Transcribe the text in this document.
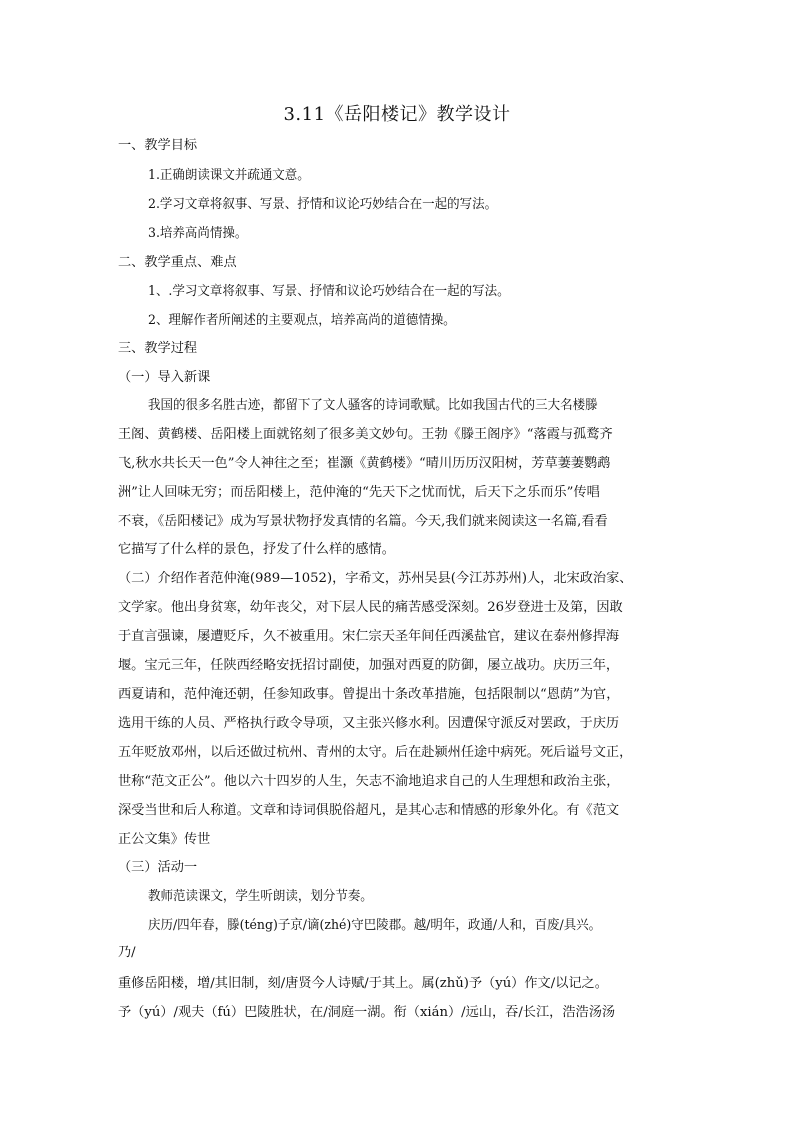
3.11《岳阳楼记》教学设计
一、教学目标
1.正确朗读课文并疏通文意。
2.学习文章将叙事、写景、抒情和议论巧妙结合在一起的写法。
3.培养高尚情操。
二、教学重点、难点
1、.学习文章将叙事、写景、抒情和议论巧妙结合在一起的写法。
2、理解作者所阐述的主要观点，培养高尚的道德情操。
三、教学过程
（一）导入新课
我国的很多名胜古迹，都留下了文人骚客的诗词歌赋。比如我国古代的三大名楼滕
王阁、黄鹤楼、岳阳楼上面就铭刻了很多美文妙句。王勃《滕王阁序》“落霞与孤鹜齐
飞,秋水共长天一色”令人神往之至；崔灏《黄鹤楼》“晴川历历汉阳树，芳草萋萋鹦鹉
洲”让人回味无穷；而岳阳楼上，范仲淹的“先天下之忧而忧，后天下之乐而乐”传唱
不衰，《岳阳楼记》成为写景状物抒发真情的名篇。今天,我们就来阅读这一名篇,看看
它描写了什么样的景色，抒发了什么样的感情。
（二）介绍作者范仲淹(989—1052)，字希文，苏州吴县(今江苏苏州)人，北宋政治家、
文学家。他出身贫寒，幼年丧父，对下层人民的痛苦感受深刻。26岁登进士及第，因敢
于直言强谏，屡遭贬斥，久不被重用。宋仁宗天圣年间任西溪盐官，建议在泰州修捍海
堰。宝元三年，任陕西经略安抚招讨副使，加强对西夏的防御，屡立战功。庆历三年，
西夏请和，范仲淹还朝，任参知政事。曾提出十条改革措施，包括限制以“恩荫”为官，
选用干练的人员、严格执行政令导项，又主张兴修水利。因遭保守派反对罢政，于庆历
五年贬放邓州，以后还做过杭州、青州的太守。后在赴颍州任途中病死。死后谥号文正，
世称“范文正公”。他以六十四岁的人生，矢志不渝地追求自己的人生理想和政治主张，
深受当世和后人称道。文章和诗词俱脱俗超凡，是其心志和情感的形象外化。有《范文
正公文集》传世
（三）活动一
教师范读课文，学生听朗读，划分节奏。
庆历/四年春，滕(téng)子京/谪(zhé)守巴陵郡。越/明年，政通/人和，百废/具兴。
乃/
重修岳阳楼，增/其旧制，刻/唐贤今人诗赋/于其上。属(zhǔ)予（yú）作文/以记之。
予（yú）/观夫（fú）巴陵胜状，在/洞庭一湖。衔（xián）/远山，吞/长江，浩浩汤汤
